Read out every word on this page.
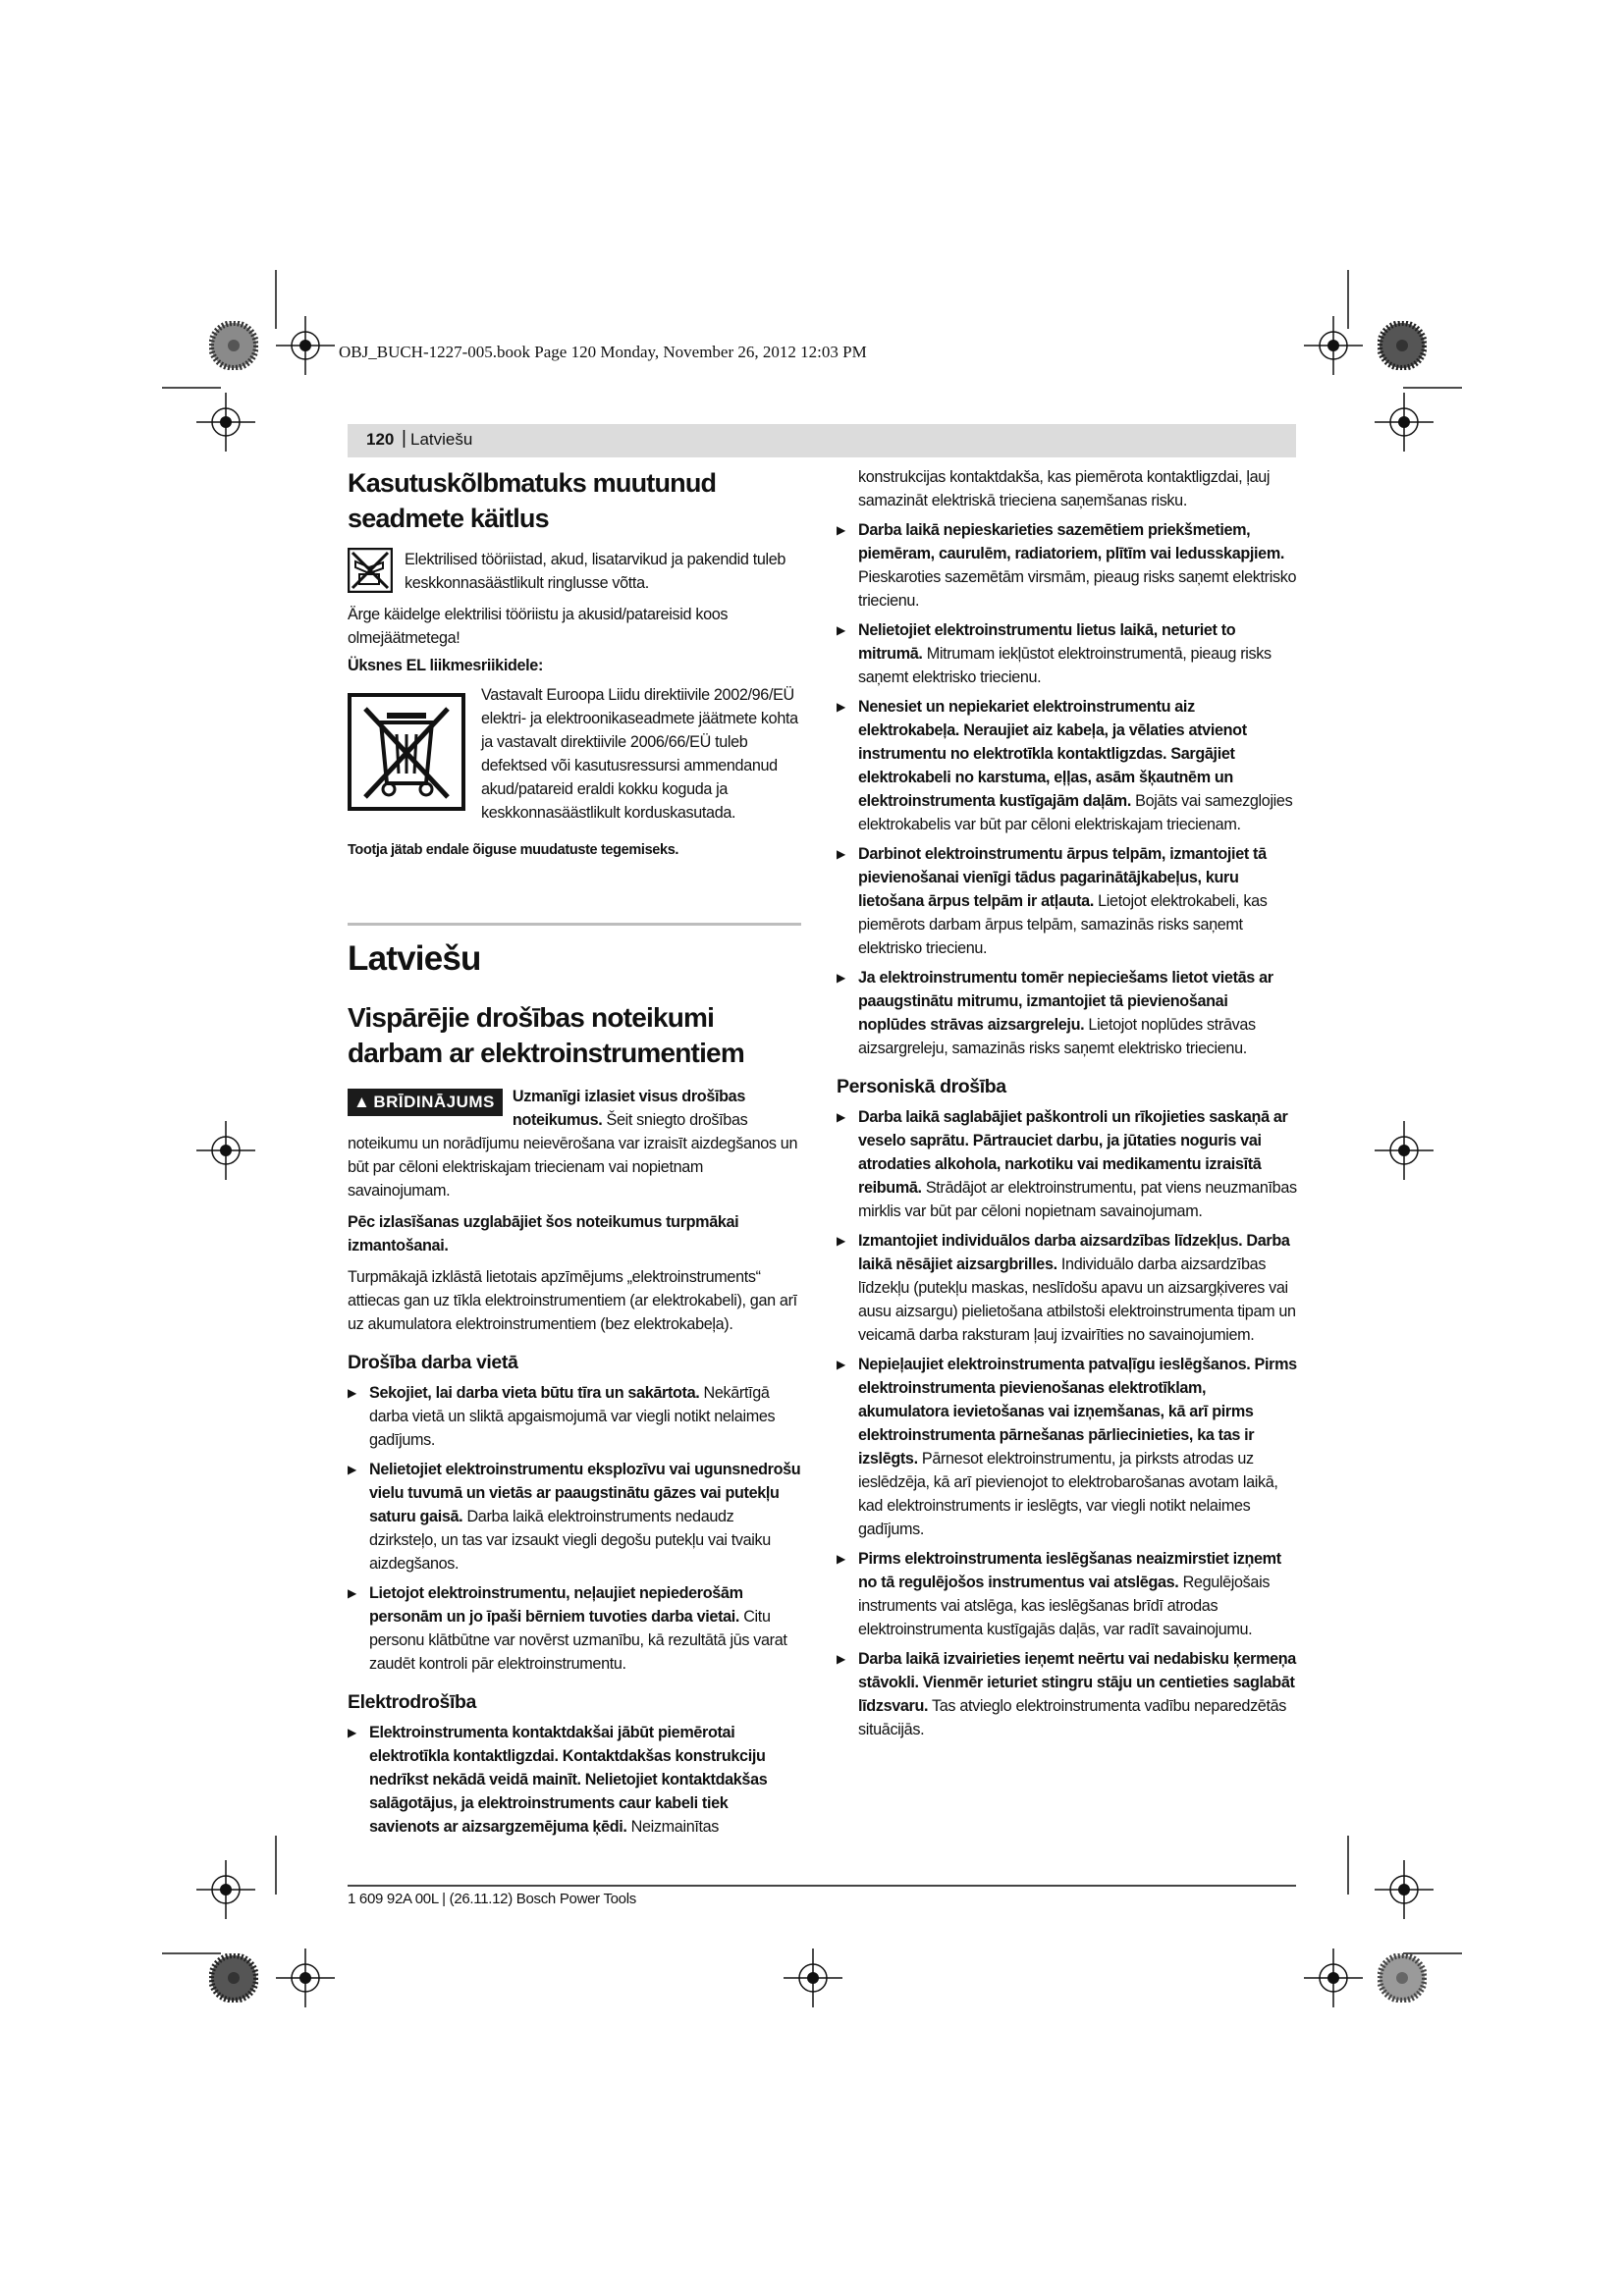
OBJ_BUCH-1227-005.book Page 120 Monday, November 26, 2012 12:03 PM
120 | Latviešu
Kasutuskõlbmatuks muutunud seadmete käitlus

Elektrilised tööriistad, akud, lisatarvikud ja pakendid tuleb keskkonnasäästlikult ringlusse võtta.

Ärge käidelge elektrilisi tööriistu ja akusid/patareisid koos olmejäätmetega!

Üksnes EL liikmesriikidele:

Vastavalt Euroopa Liidu direktiivile 2002/96/EÜ elektri- ja elektroonikaseadmete jäätmete kohta ja vastavalt direktiivile 2006/66/EÜ tuleb defektsed või kasutusressursi ammendanud akud/patareid eraldi kokku koguda ja keskkonnasäästlikult korduskasutada.

Tootja jätab endale õiguse muudatuste tegemiseks.

Latviešu
Vispārējie drošības noteikumi darbam ar elektroinstrumentiem
▲ BRĪDINĀJUMS	Uzmanīgi izlasiet visus drošības noteikumus. Šeit sniegto drošības noteikumu un norādījumu neievērošana var izraisīt aizdegšanos un būt par cēloni elektriskajam triecienam vai nopietnam savainojumam.

Pēc izlasīšanas uzglabājiet šos noteikumus turpmākai izmantošanai.

Turpmākajā izklāstā lietotais apzīmējums „elektroinstruments“ attiecas gan uz tīkla elektroinstrumentiem (ar elektrokabeli), gan arī uz akumulatora elektroinstrumentiem (bez elektrokabeļa).

Drošība darba vietā
▶ Sekojiet, lai darba vieta būtu tīra un sakārtota. Nekārtīgā darba vietā un sliktā apgaismojumā var viegli notikt nelaimes gadījums.
▶ Nelietojiet elektroinstrumentu eksplozīvu vai ugunsnedrošu vielu tuvumā un vietās ar paaugstinātu gāzes vai putekļu saturu gaisā. Darba laikā elektroinstruments nedaudz dzirksteļo, un tas var izsaukt viegli degošu putekļu vai tvaiku aizdegšanos.
▶ Lietojot elektroinstrumentu, neļaujiet nepiederošām personām un jo īpaši bērniem tuvoties darba vietai. Citu personu klātbūtne var novērst uzmanību, kā rezultātā jūs varat zaudēt kontroli pār elektroinstrumentu.
Elektrodrošība
▶ Elektroinstrumenta kontaktdakšai jābūt piemērotai elektrotīkla kontaktligzdai. Kontaktdakšas konstrukciju nedrīkst nekādā veidā mainīt. Nelietojiet kontaktdakšas salāgotājus, ja elektroinstruments caur kabeli tiek savienots ar aizsargzemējuma ķēdi. Neizmainītas

konstrukcijas kontaktdakša, kas piemērota kontaktligzdai, ļauj samazināt elektriskā trieciena saņemšanas risku.

▶ Darba laikā nepieskarieties sazemētiem priekšmetiem, piemēram, caurulēm, radiatoriem, plītīm vai ledusskapjiem. Pieskaroties sazemētām virsmām, pieaug risks saņemt elektrisko triecienu.
▶ Nelietojiet elektroinstrumentu lietus laikā, neturiet to mitrumā. Mitrumam iekļūstot elektroinstrumentā, pieaug risks saņemt elektrisko triecienu.
▶ Nenesiet un nepiekariet elektroinstrumentu aiz elektrokabeļa. Neraujiet aiz kabeļa, ja vēlaties atvienot instrumentu no elektrotīkla kontaktligzdas. Sargājiet elektrokabeli no karstuma, eļļas, asām šķautnēm un elektroinstrumenta kustīgajām daļām. Bojāts vai samezglojies elektrokabelis var būt par cēloni elektriskajam triecienam.
▶ Darbinot elektroinstrumentu ārpus telpām, izmantojiet tā pievienošanai vienīgi tādus pagarinātājkabeļus, kuru lietošana ārpus telpām ir atļauta. Lietojot elektrokabeli, kas piemērots darbam ārpus telpām, samazinās risks saņemt elektrisko triecienu.
▶ Ja elektroinstrumentu tomēr nepieciešams lietot vietās ar paaugstinātu mitrumu, izmantojiet tā pievienošanai noplūdes strāvas aizsargreleju. Lietojot noplūdes strāvas aizsargreleju, samazinās risks saņemt elektrisko triecienu.
Personiskā drošība
▶ Darba laikā saglabājiet paškontroli un rīkojieties saskaņā ar veselo saprātu. Pārtrauciet darbu, ja jūtaties noguris vai atrodaties alkohola, narkotiku vai medikamentu izraisītā reibumā. Strādājot ar elektroinstrumentu, pat viens neuzmanības mirklis var būt par cēloni nopietnam savainojumam.
▶ Izmantojiet individuālos darba aizsardzības līdzekļus. Darba laikā nēsājiet aizsargbrilles. Individuālo darba aizsardzības līdzekļu (putekļu maskas, neslīdošu apavu un aizsargķiveres vai ausu aizsargu) pielietošana atbilstoši elektroinstrumenta tipam un veicamā darba raksturam ļauj izvairīties no savainojumiem.
▶ Nepieļaujiet elektroinstrumenta patvaļīgu ieslēgšanos. Pirms elektroinstrumenta pievienošanas elektrotīklam, akumulatora ievietošanas vai izņemšanas, kā arī pirms elektroinstrumenta pārnešanas pārliecinieties, ka tas ir izslēgts. Pārnesot elektroinstrumentu, ja pirksts atrodas uz ieslēdzēja, kā arī pievienojot to elektrobarošanas avotam laikā, kad elektroinstruments ir ieslēgts, var viegli notikt nelaimes gadījums.
▶ Pirms elektroinstrumenta ieslēgšanas neaizmirstiet izņemt no tā regulējošos instrumentus vai atslēgas. Regulējošais instruments vai atslēga, kas ieslēgšanas brīdī atrodas elektroinstrumenta kustīgajās daļās, var radīt savainojumu.
▶ Darba laikā izvairieties ieņemt neērtu vai nedabisku ķermeņa stāvokli. Vienmēr ieturiet stingru stāju un centieties saglabāt līdzsvaru. Tas atvieglo elektroinstrumenta vadību neparedzētās situācijās.
1 609 92A 00L | (26.11.12) Bosch Power Tools
